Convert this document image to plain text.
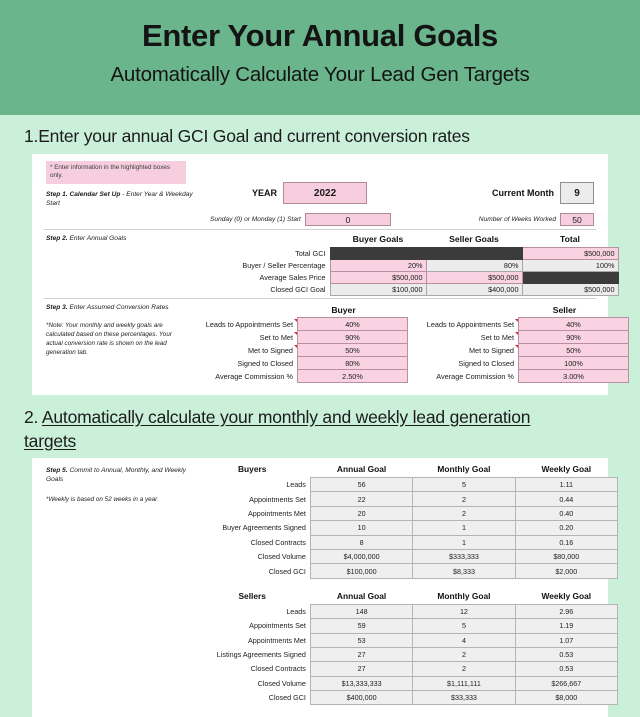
Enter Your Annual Goals
Automatically Calculate Your Lead Gen Targets
1.Enter your annual GCI Goal and current conversion rates
* Enter information in the highlighted boxes only.
Step 1. Calendar Set Up - Enter Year & Weekday Start
YEAR	2022	Current Month	9
Sunday (0) or Monday (1) Start	0	Number of Weeks Worked	50
Step 2. Enter Annual Goals
		Buyer Goals	Seller Goals	Total
Total GCI			$500,000
Buyer / Seller Percentage	20%	80%	100%
Average Sales Price	$500,000	$500,000	
Closed GCI Goal	$100,000	$400,000	$500,000
Step 3. Enter Assumed Conversion Rates
*Note: Your monthly and weekly goals are calculated based on these percentages. Your actual conversion rate is shown on the lead generation tab.
Buyer
Leads to Appointments Set	40%
Set to Met	90%
Met to Signed	50%
Signed to Closed	80%
Average Commission %	2.50%
Seller
Leads to Appointments Set	40%
Set to Met	90%
Met to Signed	50%
Signed to Closed	100%
Average Commission %	3.00%
2. Automatically calculate your monthly and weekly lead generation targets
Step 5. Commit to Annual, Monthly, and Weekly Goals
*Weekly is based on 52 weeks in a year
Buyers	Annual Goal	Monthly Goal	Weekly Goal
Leads	56	5	1.11
Appointments Set	22	2	0.44
Appointments Met	20	2	0.40
Buyer Agreements Signed	10	1	0.20
Closed Contracts	8	1	0.16
Closed Volume	$4,000,000	$333,333	$80,000
Closed GCI	$100,000	$8,333	$2,000
Sellers	Annual Goal	Monthly Goal	Weekly Goal
Leads	148	12	2.96
Appointments Set	59	5	1.19
Appointments Met	53	4	1.07
Listings Agreements Signed	27	2	0.53
Closed Contracts	27	2	0.53
Closed Volume	$13,333,333	$1,111,111	$266,667
Closed GCI	$400,000	$33,333	$8,000
